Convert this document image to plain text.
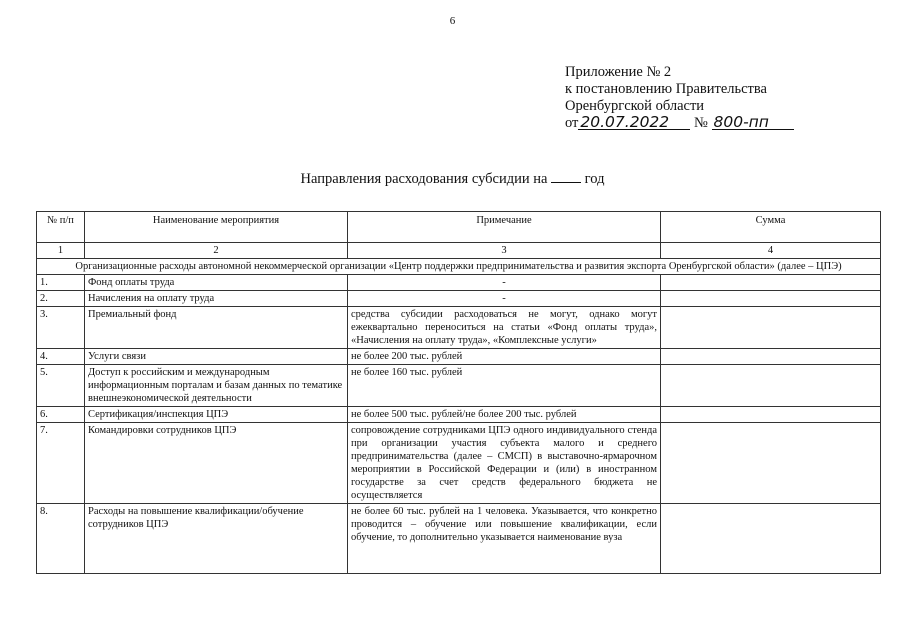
6
Приложение № 2
к постановлению Правительства
Оренбургской области
от 20.07.2022 № 800-пп
Направления расходования субсидии на	год
№ п/п	Наименование мероприятия	Примечание	Сумма
1	2	3	4
Организационные расходы автономной некоммерческой организации «Центр поддержки предпринимательства и развития экспорта Оренбургской области» (далее – ЦПЭ)			
1.	Фонд оплаты труда	-	
2.	Начисления на оплату труда	-	
3.	Премиальный фонд	средства субсидии расходоваться не могут, однако могут ежеквартально переноситься на статьи «Фонд оплаты труда», «Начисления на оплату труда», «Комплексные услуги»	
4.	Услуги связи	не более 200 тыс. рублей	
5.	Доступ к российским и международным информационным порталам и базам данных по тематике внешнеэкономической деятельности	не более 160 тыс. рублей	
6.	Сертификация/инспекция ЦПЭ	не более 500 тыс. рублей/не более 200 тыс. рублей	
7.	Командировки сотрудников ЦПЭ	сопровождение сотрудниками ЦПЭ одного индивидуального стенда при организации участия субъекта малого и среднего предпринимательства (далее – СМСП) в выставочно-ярмарочном мероприятии в Российской Федерации и (или) в иностранном государстве за счет средств федерального бюджета не осуществляется	
8.	Расходы на повышение квалификации/обучение сотрудников ЦПЭ	не более 60 тыс. рублей на 1 человека. Указывается, что конкретно проводится – обучение или повышение квалификации, если обучение, то дополнительно указывается наименование вуза	
